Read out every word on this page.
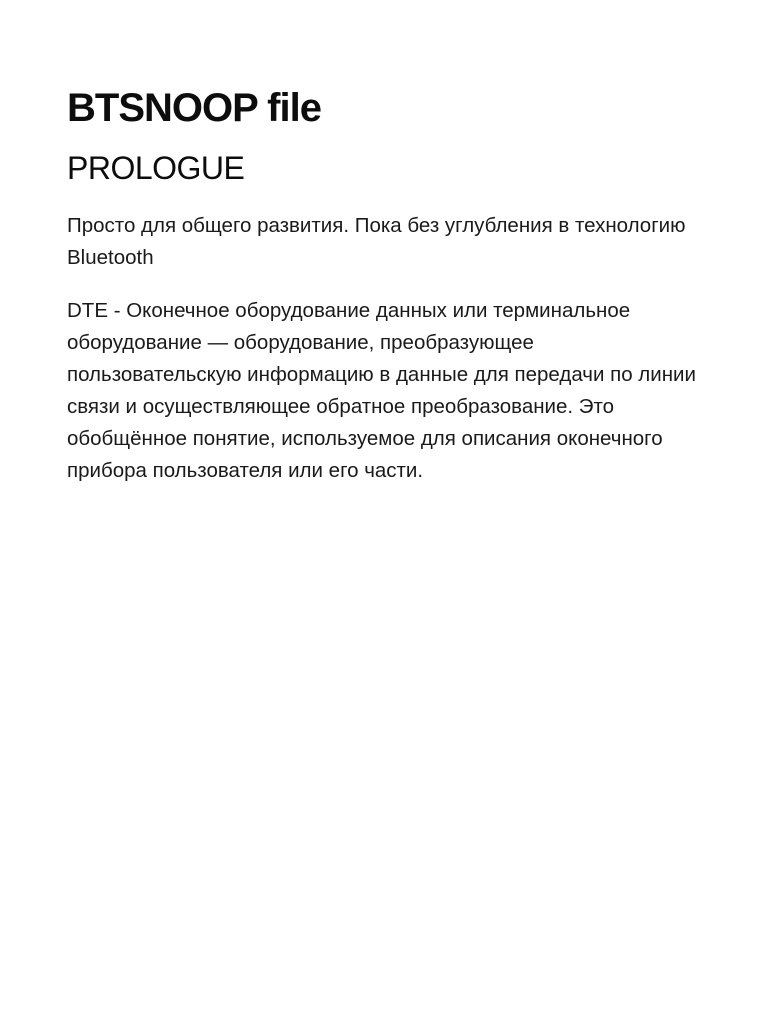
BTSNOOP file
PROLOGUE

Просто для общего развития. Пока без углубления в технологию Bluetooth

DTE - Оконечное оборудование данных или терминальное оборудование — оборудование, преобразующее пользовательскую информацию в данные для передачи по линии связи и осуществляющее обратное преобразование. Это обобщённое понятие, используемое для описания оконечного прибора пользователя или его части.
